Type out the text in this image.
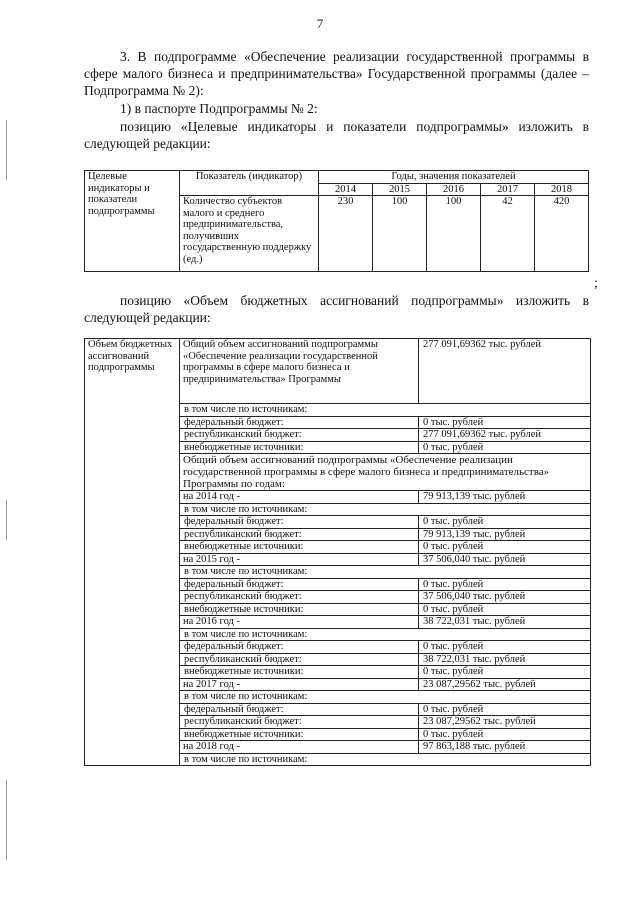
7
3. В подпрограмме «Обеспечение реализации государственной программы в сфере малого бизнеса и предпринимательства» Государственной программы (далее – Подпрограмма № 2):
1) в паспорте Подпрограммы № 2:
позицию «Целевые индикаторы и показатели подпрограммы» изложить в следующей редакции:
Целевые индикаторы и показатели подпрограммы	Показатель (индикатор)	Годы, значения показателей				
		2014	2015	2016	2017	2018
	Количество субъектов малого и среднего предпринимательства, получивших государственную поддержку (ед.)	230	100	100	42	420
;
позицию «Объем бюджетных ассигнований подпрограммы» изложить в следующей редакции:
Объем бюджетных ассигнований подпрограммы	Общий объем ассигнований подпрограммы «Обеспечение реализации государственной программы в сфере малого бизнеса и предпринимательства» Программы	277 091,69362 тыс. рублей
	в том числе по источникам:	
	федеральный бюджет:	0 тыс. рублей
	республиканский бюджет:	277 091,69362 тыс. рублей
	внебюджетные источники:	0 тыс. рублей
	Общий объем ассигнований подпрограммы «Обеспечение реализации государственной программы в сфере малого бизнеса и предпринимательства» Программы по годам:	
	на 2014 год -	79 913,139 тыс. рублей
	в том числе по источникам:	
	федеральный бюджет:	0 тыс. рублей
	республиканский бюджет:	79 913,139 тыс. рублей
	внебюджетные источники:	0 тыс. рублей
	на 2015 год -	37 506,040 тыс. рублей
	в том числе по источникам:	
	федеральный бюджет:	0 тыс. рублей
	республиканский бюджет:	37 506,040 тыс. рублей
	внебюджетные источники:	0 тыс. рублей
	на 2016 год -	38 722,031 тыс. рублей
	в том числе по источникам:	
	федеральный бюджет:	0 тыс. рублей
	республиканский бюджет:	38 722,031 тыс. рублей
	внебюджетные источники:	0 тыс. рублей
	на 2017 год -	23 087,29562 тыс. рублей
	в том числе по источникам:	
	федеральный бюджет:	0 тыс. рублей
	республиканский бюджет:	23 087,29562 тыс. рублей
	внебюджетные источники:	0 тыс. рублей
	на 2018 год -	97 863,188 тыс. рублей
	в том числе по источникам:	
